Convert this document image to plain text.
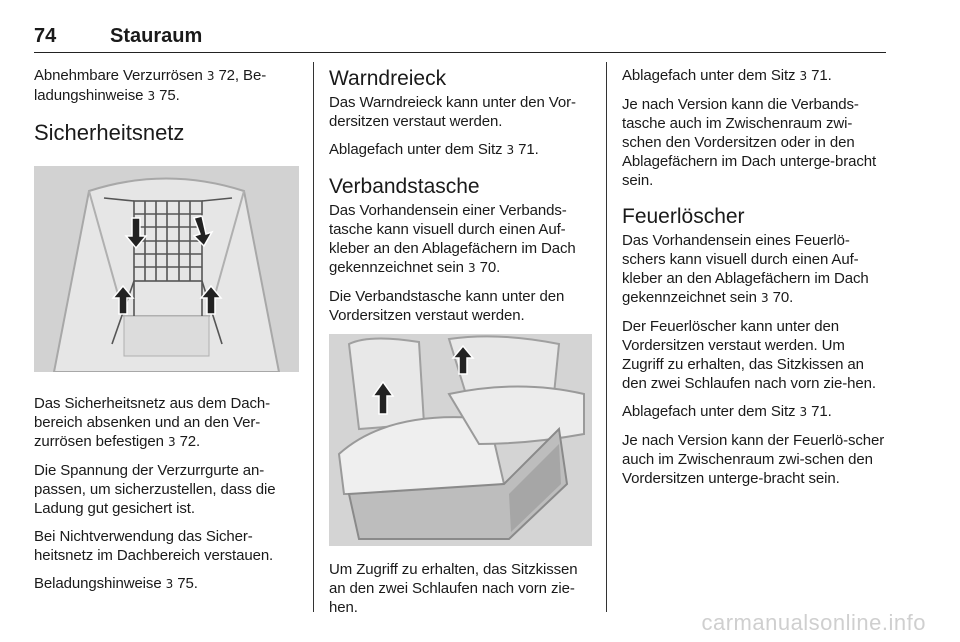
74	Stauraum

Abnehmbare Verzurrösen 3 72, Be-ladungshinweise 3 75.

Sicherheitsnetz

Das Sicherheitsnetz aus dem Dach-bereich absenken und an den Ver-zurrösen befestigen 3 72.

Die Spannung der Verzurrgurte an-passen, um sicherzustellen, dass die Ladung gut gesichert ist.

Bei Nichtverwendung das Sicher-heitsnetz im Dachbereich verstauen.

Beladungshinweise 3 75.

Warndreieck

Das Warndreieck kann unter den Vor-dersitzen verstaut werden.

Ablagefach unter dem Sitz 3 71.

Verbandstasche

Das Vorhandensein einer Verbands-tasche kann visuell durch einen Auf-kleber an den Ablagefächern im Dach gekennzeichnet sein 3 70.

Die Verbandstasche kann unter den Vordersitzen verstaut werden.

Um Zugriff zu erhalten, das Sitzkissen an den zwei Schlaufen nach vorn zie-hen.

Ablagefach unter dem Sitz 3 71.

Je nach Version kann die Verbands-tasche auch im Zwischenraum zwi-schen den Vordersitzen oder in den Ablagefächern im Dach unterge-bracht sein.

Feuerlöscher

Das Vorhandensein eines Feuerlö-schers kann visuell durch einen Auf-kleber an den Ablagefächern im Dach gekennzeichnet sein 3 70.

Der Feuerlöscher kann unter den Vordersitzen verstaut werden. Um Zugriff zu erhalten, das Sitzkissen an den zwei Schlaufen nach vorn zie-hen.

Ablagefach unter dem Sitz 3 71.

Je nach Version kann der Feuerlö-scher auch im Zwischenraum zwi-schen den Vordersitzen unterge-bracht sein.

carmanualsonline.info
